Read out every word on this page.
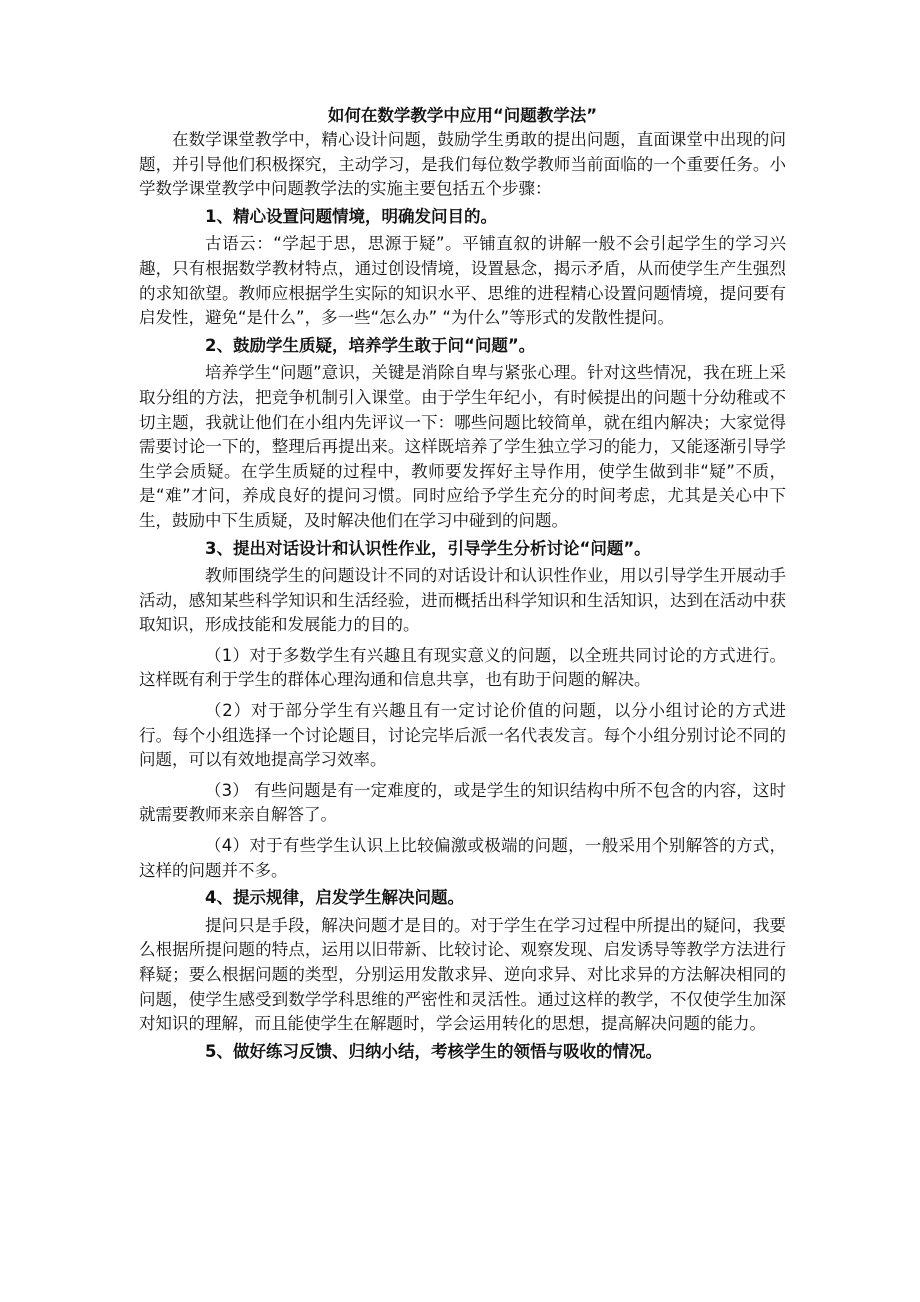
如何在数学教学中应用“问题教学法”

在数学课堂教学中，精心设计问题，鼓励学生勇敢的提出问题，直面课堂中出现的问题，并引导他们积极探究，主动学习，是我们每位数学教师当前面临的一个重要任务。小学数学课堂教学中问题教学法的实施主要包括五个步骤：

1、精心设置问题情境，明确发问目的。

古语云：“学起于思，思源于疑”。平铺直叙的讲解一般不会引起学生的学习兴趣，只有根据数学教材特点，通过创设情境，设置悬念，揭示矛盾，从而使学生产生强烈的求知欲望。教师应根据学生实际的知识水平、思维的进程精心设置问题情境，提问要有启发性，避免“是什么”，多一些“怎么办” “为什么”等形式的发散性提问。

2、鼓励学生质疑，培养学生敢于问“问题”。

培养学生“问题”意识，关键是消除自卑与紧张心理。针对这些情况，我在班上采取分组的方法，把竞争机制引入课堂。由于学生年纪小，有时候提出的问题十分幼稚或不切主题，我就让他们在小组内先评议一下：哪些问题比较简单，就在组内解决；大家觉得需要讨论一下的，整理后再提出来。这样既培养了学生独立学习的能力，又能逐渐引导学生学会质疑。在学生质疑的过程中，教师要发挥好主导作用，使学生做到非“疑”不质，是“难”才问，养成良好的提问习惯。同时应给予学生充分的时间考虑，尤其是关心中下生，鼓励中下生质疑，及时解决他们在学习中碰到的问题。

3、提出对话设计和认识性作业，引导学生分析讨论“问题”。

教师围绕学生的问题设计不同的对话设计和认识性作业，用以引导学生开展动手活动，感知某些科学知识和生活经验，进而概括出科学知识和生活知识，达到在活动中获取知识，形成技能和发展能力的目的。

（1）对于多数学生有兴趣且有现实意义的问题，以全班共同讨论的方式进行。这样既有利于学生的群体心理沟通和信息共享，也有助于问题的解决。

（2）对于部分学生有兴趣且有一定讨论价值的问题，以分小组讨论的方式进行。每个小组选择一个讨论题目，讨论完毕后派一名代表发言。每个小组分别讨论不同的问题，可以有效地提高学习效率。

（3） 有些问题是有一定难度的，或是学生的知识结构中所不包含的内容，这时就需要教师来亲自解答了。

（4）对于有些学生认识上比较偏激或极端的问题，一般采用个别解答的方式，这样的问题并不多。

4、提示规律，启发学生解决问题。

提问只是手段，解决问题才是目的。对于学生在学习过程中所提出的疑问，我要么根据所提问题的特点，运用以旧带新、比较讨论、观察发现、启发诱导等教学方法进行释疑；要么根据问题的类型，分别运用发散求异、逆向求异、对比求异的方法解决相同的问题，使学生感受到数学学科思维的严密性和灵活性。通过这样的教学，不仅使学生加深对知识的理解，而且能使学生在解题时，学会运用转化的思想，提高解决问题的能力。

5、做好练习反馈、归纳小结，考核学生的领悟与吸收的情况。
